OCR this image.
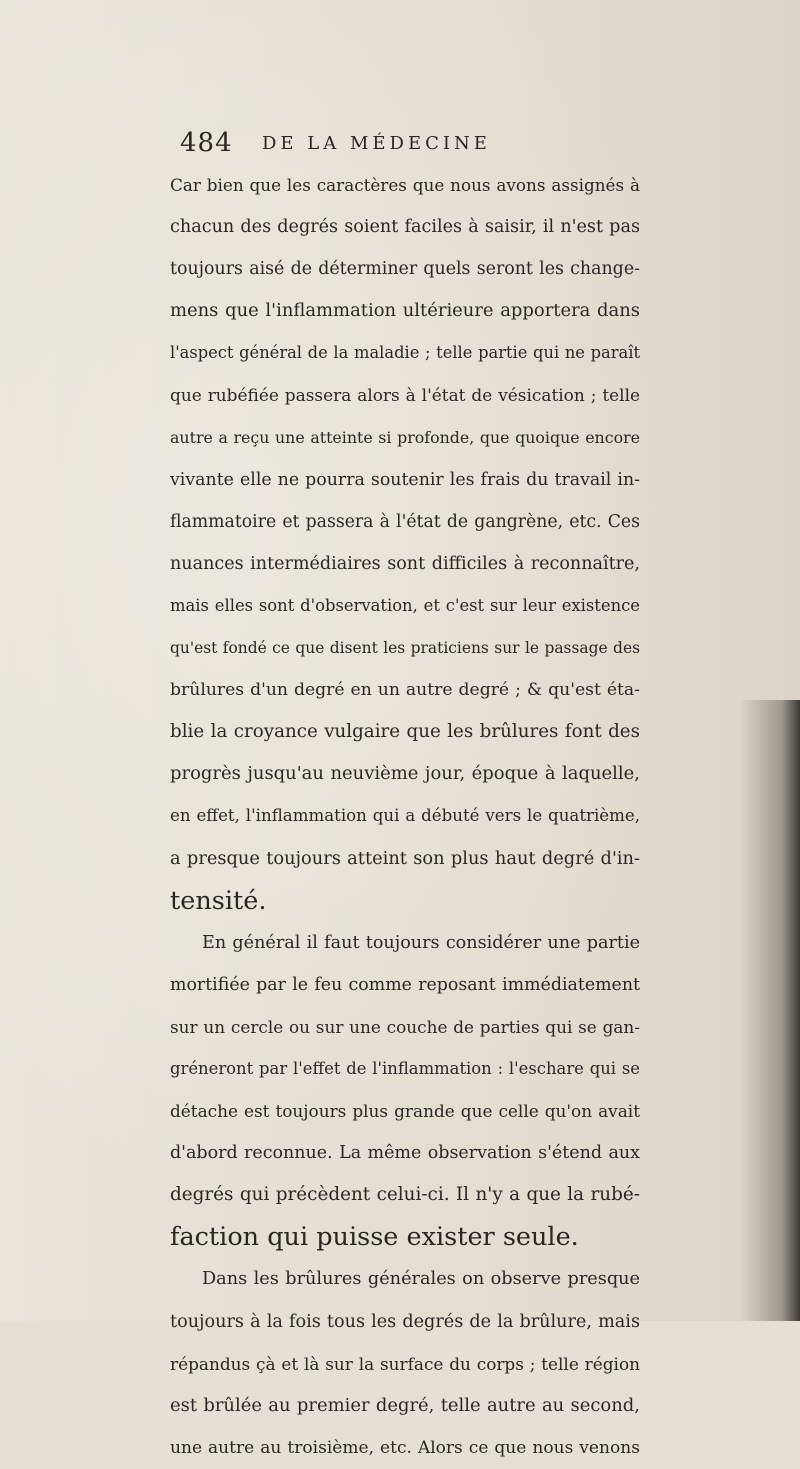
484 DE LA MÉDECINE
Car bien que les caractères que nous avons assignés à
chacun des degrés soient faciles à saisir, il n'est pas
toujours aisé de déterminer quels seront les change-
mens que l'inflammation ultérieure apportera dans
l'aspect général de la maladie ; telle partie qui ne paraît
que rubéfiée passera alors à l'état de vésication ; telle
autre a reçu une atteinte si profonde, que quoique encore
vivante elle ne pourra soutenir les frais du travail in-
flammatoire et passera à l'état de gangrène, etc. Ces
nuances intermédiaires sont difficiles à reconnaître,
mais elles sont d'observation, et c'est sur leur existence
qu'est fondé ce que disent les praticiens sur le passage des
brûlures d'un degré en un autre degré ; & qu'est éta-
blie la croyance vulgaire que les brûlures font des
progrès jusqu'au neuvième jour, époque à laquelle,
en effet, l'inflammation qui a débuté vers le quatrième,
a presque toujours atteint son plus haut degré d'in-
tensité.
En général il faut toujours considérer une partie
mortifiée par le feu comme reposant immédiatement
sur un cercle ou sur une couche de parties qui se gan-
gréneront par l'effet de l'inflammation : l'eschare qui se
détache est toujours plus grande que celle qu'on avait
d'abord reconnue. La même observation s'étend aux
degrés qui précèdent celui-ci. Il n'y a que la rubé-
faction qui puisse exister seule.
Dans les brûlures générales on observe presque
toujours à la fois tous les degrés de la brûlure, mais
répandus çà et là sur la surface du corps ; telle région
est brûlée au premier degré, telle autre au second,
une autre au troisième, etc. Alors ce que nous venons
